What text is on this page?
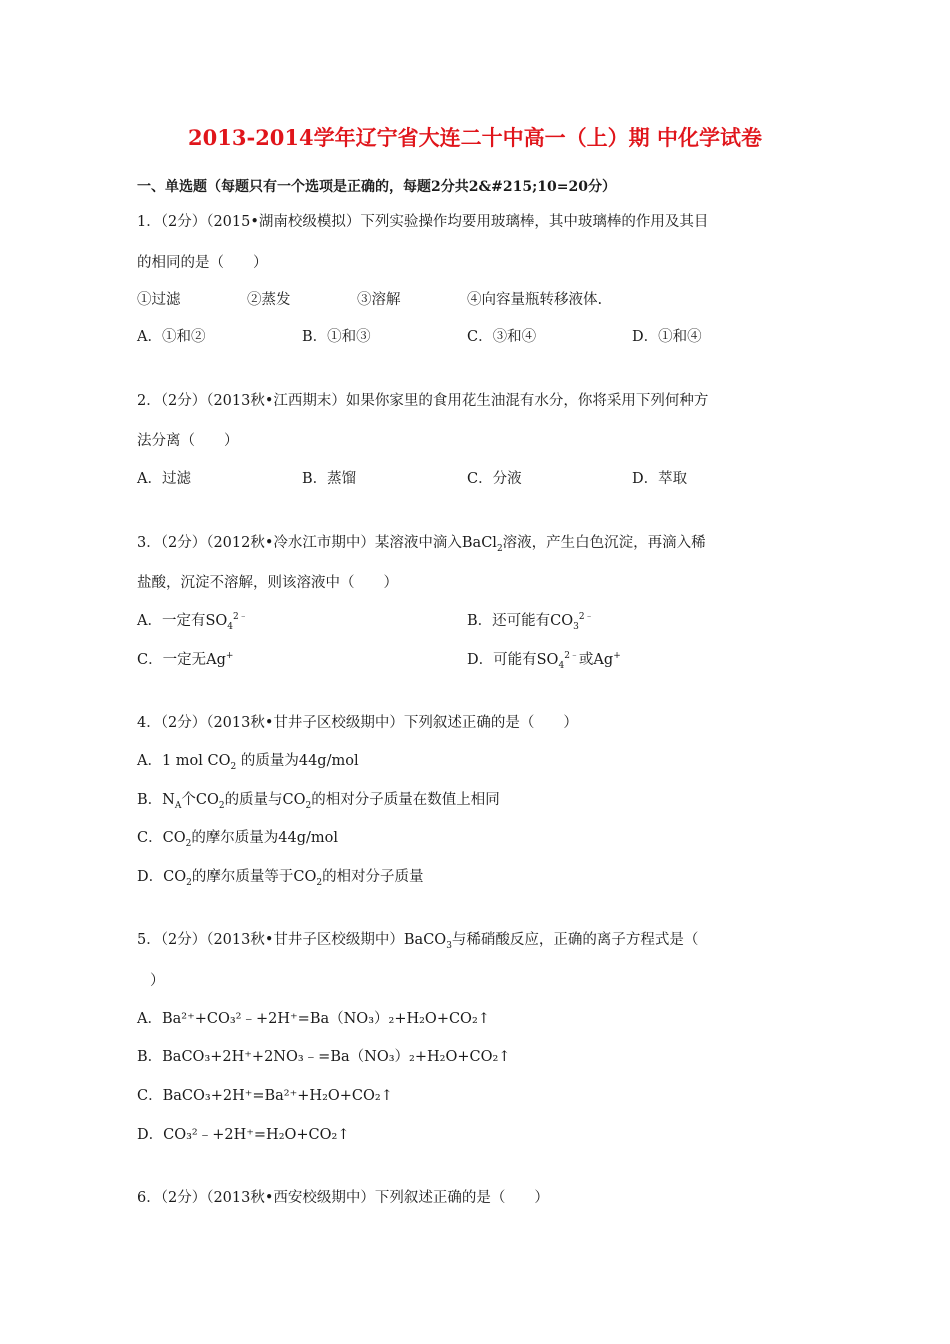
2013-2014学年辽宁省大连二十中高一（上）期 中化学试卷
一、单选题（每题只有一个选项是正确的，每题2分共2&#215;10=20分）
1．（2分）（2015•湖南校级模拟）下列实验操作均要用玻璃棒，其中玻璃棒的作用及其目
的相同的是（　　）
①过滤	②蒸发	③溶解	④向容量瓶转移液体.
A．①和②	B．①和③	C．③和④	D．①和④
2．（2分）（2013秋•江西期末）如果你家里的食用花生油混有水分，你将采用下列何种方
法分离（　　）
A．过滤	B．蒸馏	C．分液	D．萃取
3．（2分）（2012秋•冷水江市期中）某溶液中滴入BaCl$_2$溶液，产生白色沉淀，再滴入稀
盐酸，沉淀不溶解，则该溶液中（　　）
A．一定有$SO_4^{2﹣}$	B．还可能有$CO_3^{2﹣}$
C．一定无Ag+	D．可能有$SO_4^{2﹣}$或Ag+
4．（2分）（2013秋•甘井子区校级期中）下列叙述正确的是（　　）
A．1 mol $CO_2$ 的质量为44g/mol
B．$N_A$个$CO_2$的质量与$CO_2$的相对分子质量在数值上相同
C．$CO_2$的摩尔质量为44g/mol
D．$CO_2$的摩尔质量等于$CO_2$的相对分子质量
5．（2分）（2013秋•甘井子区校级期中）BaCO$_3$与稀硝酸反应，正确的离子方程式是（
）
A．Ba²⁺+CO₃²﹣+2H⁺=Ba（NO₃）₂+H₂O+CO₂↑
B．BaCO₃+2H⁺+2NO₃﹣=Ba（NO₃）₂+H₂O+CO₂↑
C．BaCO₃+2H⁺=Ba²⁺+H₂O+CO₂↑
D．CO₃²﹣+2H⁺=H₂O+CO₂↑
6．（2分）（2013秋•西安校级期中）下列叙述正确的是（　　）
